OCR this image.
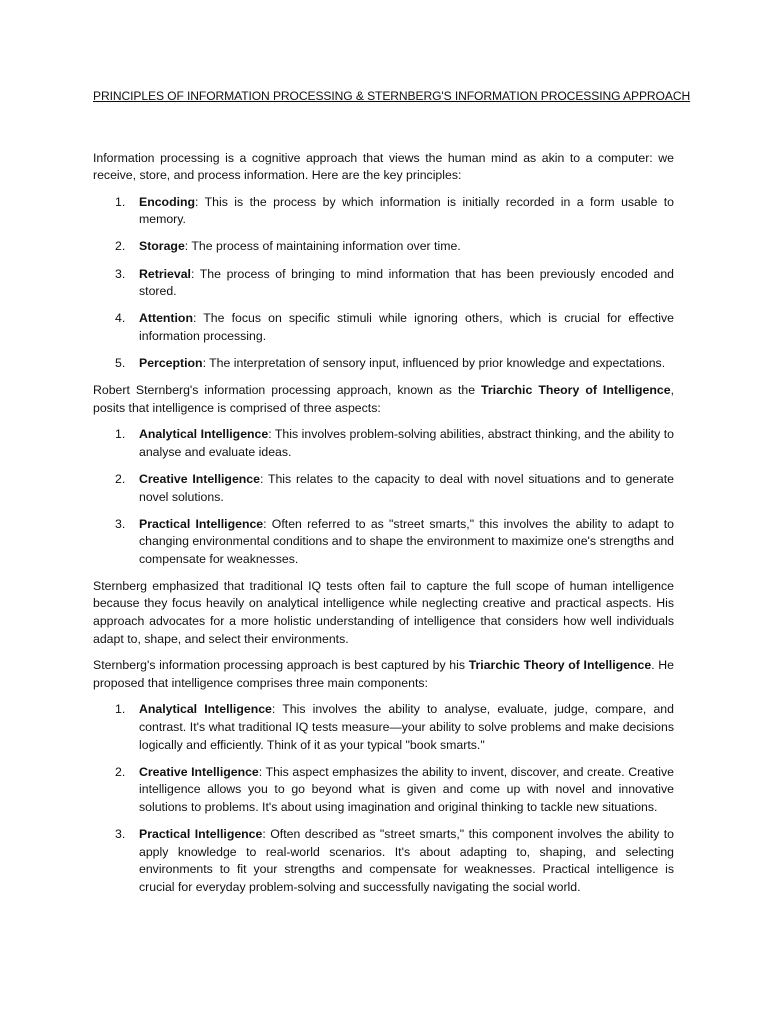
PRINCIPLES OF INFORMATION PROCESSING & STERNBERG'S INFORMATION PROCESSING APPROACH

Information processing is a cognitive approach that views the human mind as akin to a computer: we receive, store, and process information. Here are the key principles:

1. Encoding: This is the process by which information is initially recorded in a form usable to memory.
2. Storage: The process of maintaining information over time.
3. Retrieval: The process of bringing to mind information that has been previously encoded and stored.
4. Attention: The focus on specific stimuli while ignoring others, which is crucial for effective information processing.
5. Perception: The interpretation of sensory input, influenced by prior knowledge and expectations.

Robert Sternberg's information processing approach, known as the Triarchic Theory of Intelligence, posits that intelligence is comprised of three aspects:

1. Analytical Intelligence: This involves problem-solving abilities, abstract thinking, and the ability to analyse and evaluate ideas.
2. Creative Intelligence: This relates to the capacity to deal with novel situations and to generate novel solutions.
3. Practical Intelligence: Often referred to as "street smarts," this involves the ability to adapt to changing environmental conditions and to shape the environment to maximize one's strengths and compensate for weaknesses.

Sternberg emphasized that traditional IQ tests often fail to capture the full scope of human intelligence because they focus heavily on analytical intelligence while neglecting creative and practical aspects. His approach advocates for a more holistic understanding of intelligence that considers how well individuals adapt to, shape, and select their environments.

Sternberg's information processing approach is best captured by his Triarchic Theory of Intelligence. He proposed that intelligence comprises three main components:

1. Analytical Intelligence: This involves the ability to analyse, evaluate, judge, compare, and contrast. It's what traditional IQ tests measure—your ability to solve problems and make decisions logically and efficiently. Think of it as your typical "book smarts."
2. Creative Intelligence: This aspect emphasizes the ability to invent, discover, and create. Creative intelligence allows you to go beyond what is given and come up with novel and innovative solutions to problems. It's about using imagination and original thinking to tackle new situations.
3. Practical Intelligence: Often described as "street smarts," this component involves the ability to apply knowledge to real-world scenarios. It's about adapting to, shaping, and selecting environments to fit your strengths and compensate for weaknesses. Practical intelligence is crucial for everyday problem-solving and successfully navigating the social world.
